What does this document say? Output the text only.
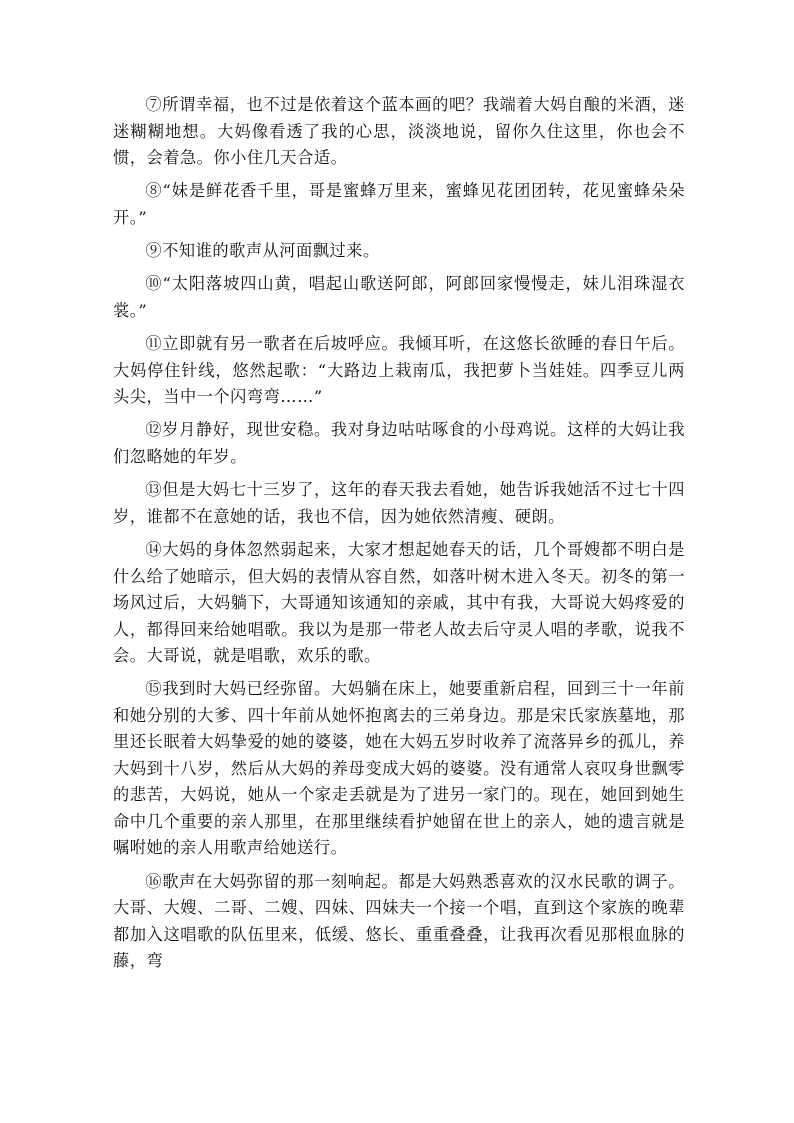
⑦所谓幸福，也不过是依着这个蓝本画的吧？我端着大妈自酿的米酒，迷迷糊糊地想。大妈像看透了我的心思，淡淡地说，留你久住这里，你也会不惯，会着急。你小住几天合适。

⑧“妹是鲜花香千里，哥是蜜蜂万里来，蜜蜂见花团团转，花见蜜蜂朵朵开。”

⑨不知谁的歌声从河面飘过来。

⑩“太阳落坡四山黄，唱起山歌送阿郎，阿郎回家慢慢走，妹儿泪珠湿衣裳。”

⑪立即就有另一歌者在后坡呼应。我倾耳听，在这悠长欲睡的春日午后。大妈停住针线，悠然起歌：“大路边上栽南瓜，我把萝卜当娃娃。四季豆儿两头尖，当中一个闪弯弯……”

⑫岁月静好，现世安稳。我对身边咕咕啄食的小母鸡说。这样的大妈让我们忽略她的年岁。

⑬但是大妈七十三岁了，这年的春天我去看她，她告诉我她活不过七十四岁，谁都不在意她的话，我也不信，因为她依然清瘦、硬朗。

⑭大妈的身体忽然弱起来，大家才想起她春天的话，几个哥嫂都不明白是什么给了她暗示，但大妈的表情从容自然，如落叶树木进入冬天。初冬的第一场风过后，大妈躺下，大哥通知该通知的亲戚，其中有我，大哥说大妈疼爱的人，都得回来给她唱歌。我以为是那一带老人故去后守灵人唱的孝歌，说我不会。大哥说，就是唱歌，欢乐的歌。

⑮我到时大妈已经弥留。大妈躺在床上，她要重新启程，回到三十一年前和她分别的大爹、四十年前从她怀抱离去的三弟身边。那是宋氏家族墓地，那里还长眠着大妈挚爱的她的婆婆，她在大妈五岁时收养了流落异乡的孤儿，养大妈到十八岁，然后从大妈的养母变成大妈的婆婆。没有通常人哀叹身世飘零的悲苦，大妈说，她从一个家走丢就是为了进另一家门的。现在，她回到她生命中几个重要的亲人那里，在那里继续看护她留在世上的亲人，她的遗言就是嘱咐她的亲人用歌声给她送行。

⑯歌声在大妈弥留的那一刻响起。都是大妈熟悉喜欢的汉水民歌的调子。大哥、大嫂、二哥、二嫂、四妹、四妹夫一个接一个唱，直到这个家族的晚辈都加入这唱歌的队伍里来，低缓、悠长、重重叠叠，让我再次看见那根血脉的藤，弯
